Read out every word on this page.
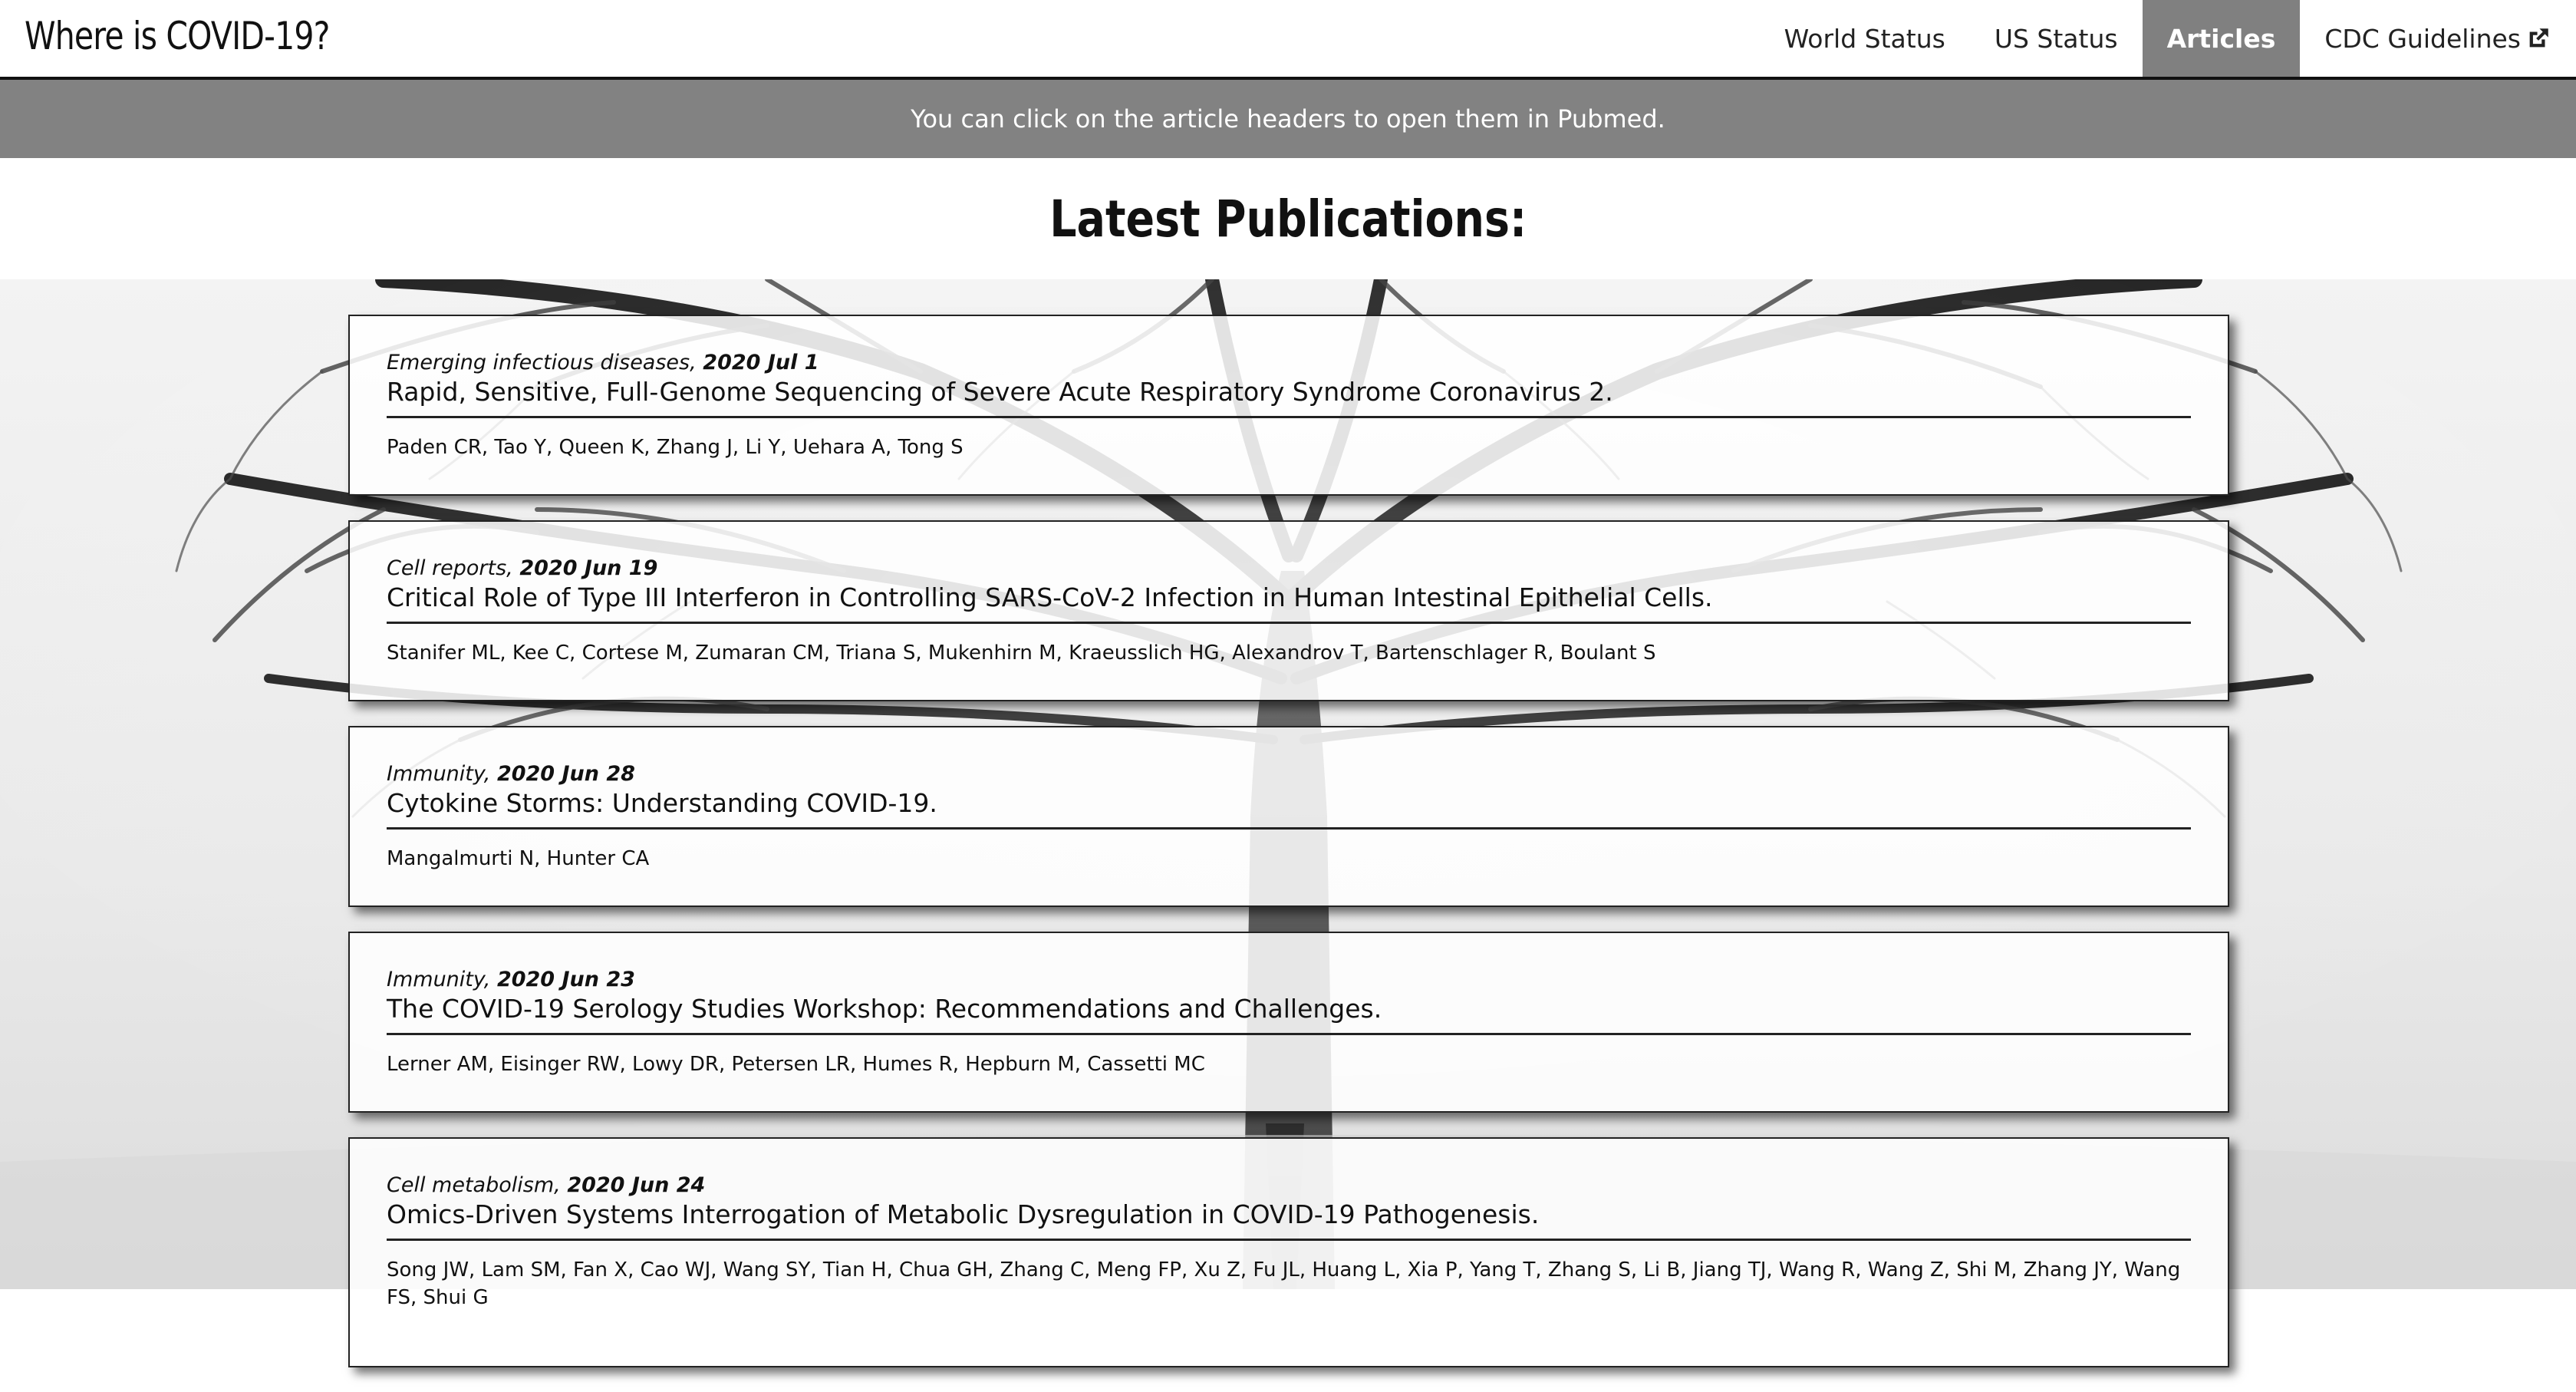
Where is COVID-19?	World Status US Status Articles CDC Guidelines
You can click on the article headers to open them in Pubmed.
Latest Publications:
Emerging infectious diseases, 2020 Jul 1
Rapid, Sensitive, Full-Genome Sequencing of Severe Acute Respiratory Syndrome Coronavirus 2.
Paden CR, Tao Y, Queen K, Zhang J, Li Y, Uehara A, Tong S
Cell reports, 2020 Jun 19
Critical Role of Type III Interferon in Controlling SARS-CoV-2 Infection in Human Intestinal Epithelial Cells.
Stanifer ML, Kee C, Cortese M, Zumaran CM, Triana S, Mukenhirn M, Kraeusslich HG, Alexandrov T, Bartenschlager R, Boulant S
Immunity, 2020 Jun 28
Cytokine Storms: Understanding COVID-19.
Mangalmurti N, Hunter CA
Immunity, 2020 Jun 23
The COVID-19 Serology Studies Workshop: Recommendations and Challenges.
Lerner AM, Eisinger RW, Lowy DR, Petersen LR, Humes R, Hepburn M, Cassetti MC
Cell metabolism, 2020 Jun 24
Omics-Driven Systems Interrogation of Metabolic Dysregulation in COVID-19 Pathogenesis.
Song JW, Lam SM, Fan X, Cao WJ, Wang SY, Tian H, Chua GH, Zhang C, Meng FP, Xu Z, Fu JL, Huang L, Xia P, Yang T, Zhang S, Li B, Jiang TJ, Wang R, Wang Z, Shi M, Zhang JY, Wang FS, Shui G
